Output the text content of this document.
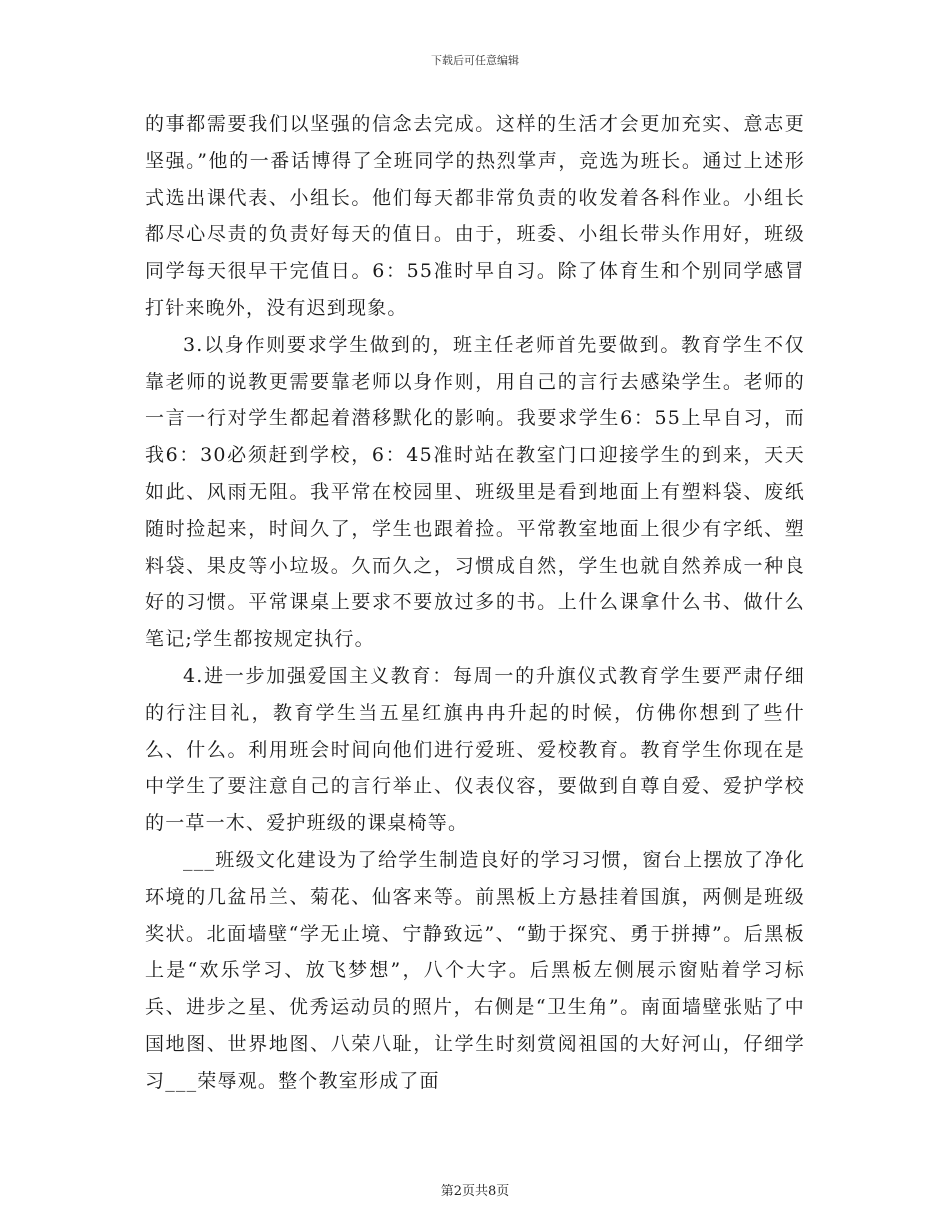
下载后可任意编辑

的事都需要我们以坚强的信念去完成。这样的生活才会更加充实、意志更坚强。”他的一番话博得了全班同学的热烈掌声，竞选为班长。通过上述形式选出课代表、小组长。他们每天都非常负责的收发着各科作业。小组长都尽心尽责的负责好每天的值日。由于，班委、小组长带头作用好，班级同学每天很早干完值日。6：55准时早自习。除了体育生和个别同学感冒打针来晚外，没有迟到现象。

3.以身作则要求学生做到的，班主任老师首先要做到。教育学生不仅靠老师的说教更需要靠老师以身作则，用自己的言行去感染学生。老师的一言一行对学生都起着潜移默化的影响。我要求学生6：55上早自习，而我6：30必须赶到学校，6：45准时站在教室门口迎接学生的到来，天天如此、风雨无阻。我平常在校园里、班级里是看到地面上有塑料袋、废纸随时捡起来，时间久了，学生也跟着捡。平常教室地面上很少有字纸、塑料袋、果皮等小垃圾。久而久之，习惯成自然，学生也就自然养成一种良好的习惯。平常课桌上要求不要放过多的书。上什么课拿什么书、做什么笔记;学生都按规定执行。

4.进一步加强爱国主义教育：每周一的升旗仪式教育学生要严肃仔细的行注目礼，教育学生当五星红旗冉冉升起的时候，仿佛你想到了些什么、什么。利用班会时间向他们进行爱班、爱校教育。教育学生你现在是中学生了要注意自己的言行举止、仪表仪容，要做到自尊自爱、爱护学校的一草一木、爱护班级的课桌椅等。

___班级文化建设为了给学生制造良好的学习习惯，窗台上摆放了净化环境的几盆吊兰、菊花、仙客来等。前黑板上方悬挂着国旗，两侧是班级奖状。北面墙壁“学无止境、宁静致远”、“勤于探究、勇于拼搏”。后黑板上是“欢乐学习、放飞梦想”，八个大字。后黑板左侧展示窗贴着学习标兵、进步之星、优秀运动员的照片，右侧是“卫生角”。南面墙壁张贴了中国地图、世界地图、八荣八耻，让学生时刻赏阅祖国的大好河山，仔细学习___荣辱观。整个教室形成了面

第2页共8页
